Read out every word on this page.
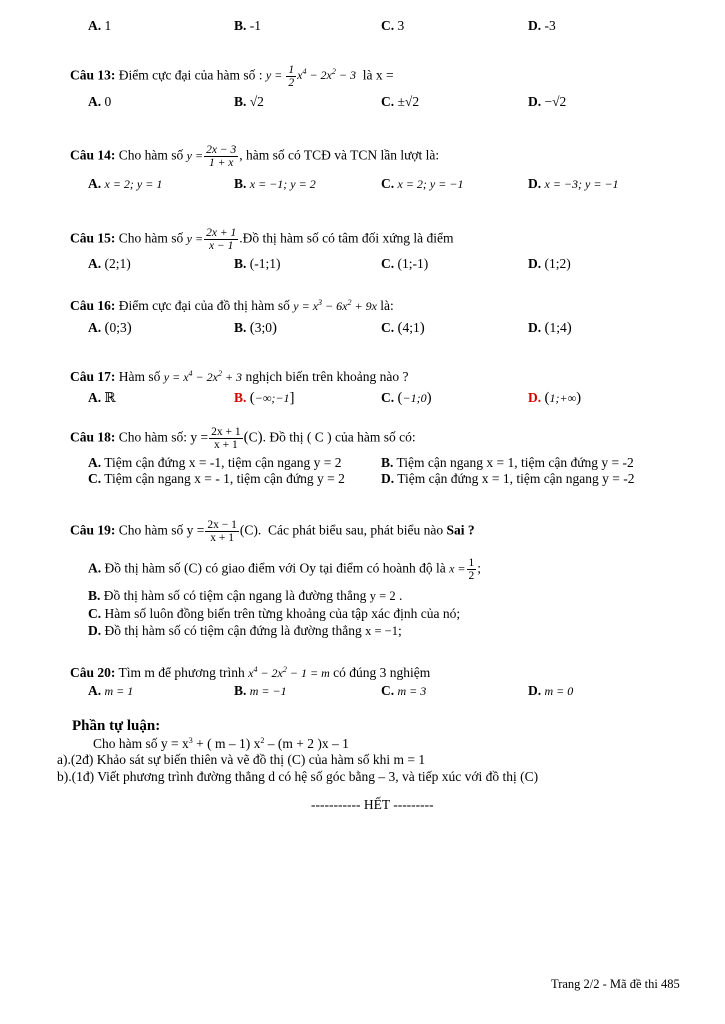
A. 1	B. -1	C. 3	D. -3
Câu 13: Điểm cực đại của hàm số : $y = \frac{1}{2} x^4 - 2x^2 - 3$ là x =
A. 0	B. √2	C. ±√2	D. −√2
Câu 14: Cho hàm số $y = \frac{2x - 3}{1 + x}$ , hàm số có TCĐ và TCN lần lượt là:
A. x = 2; y = 1	B. x = −1; y = 2	C. x = 2; y = −1	D. x = −3; y = −1
Câu 15: Cho hàm số $y = \frac{2x + 1}{x - 1}$ .Đồ thị hàm số có tâm đối xứng là điểm
A. (2;1)	B. (-1;1)	C. (1;-1)	D. (1;2)
Câu 16: Điểm cực đại của đồ thị hàm số $y = x^3 - 6x^2 + 9x$ là:
A. (0;3)	B. (3;0)	C. (4;1)	D. (1;4)
Câu 17: Hàm số $y = x^4 - 2x^2 + 3$ nghịch biến trên khoảng nào ?
A. ℝ	B. (−∞;−1]	C. (−1;0)	D. (1;+∞)
Câu 18: Cho hàm số: $y = \frac{2x + 1}{x + 1} (C)$. Đồ thị ( C ) của hàm số có:
A. Tiệm cận đứng x = -1, tiệm cận ngang y = 2	B. Tiệm cận ngang x = 1, tiệm cận đứng y = -2
C. Tiệm cận ngang x = - 1, tiệm cận đứng y = 2	D. Tiệm cận đứng x = 1, tiệm cận ngang y = -2
Câu 19: Cho hàm số $y = \frac{2x - 1}{x + 1} (C)$.  Các phát biểu sau, phát biểu nào Sai ?
A. Đồ thị hàm số (C) có giao điểm với Oy tại điểm có hoành độ là $x = \frac{1}{2}$ ;
B. Đồ thị hàm số có tiệm cận ngang là đường thẳng y = 2 .
C. Hàm số luôn đồng biến trên từng khoảng của tập xác định của nó;
D. Đồ thị hàm số có tiệm cận đứng là đường thẳng x = −1;
Câu 20: Tìm m để phương trình $x^4 - 2x^2 - 1 = m$ có đúng 3 nghiệm
A. m = 1	B. m = −1	C. m = 3	D. m = 0
Phần tự luận:
Cho hàm số $y = x^3$ + ( m – 1) $x^2 - (m + 2$ )x – 1
a).(2đ) Khảo sát sự biến thiên và vẽ đồ thị (C) của hàm số khi m = 1
b).(1đ) Viết phương trình đường thẳng d có hệ số góc bằng – 3, và tiếp xúc với đồ thị (C)
----------- HẾT ---------
Trang 2/2 - Mã đề thi 485
